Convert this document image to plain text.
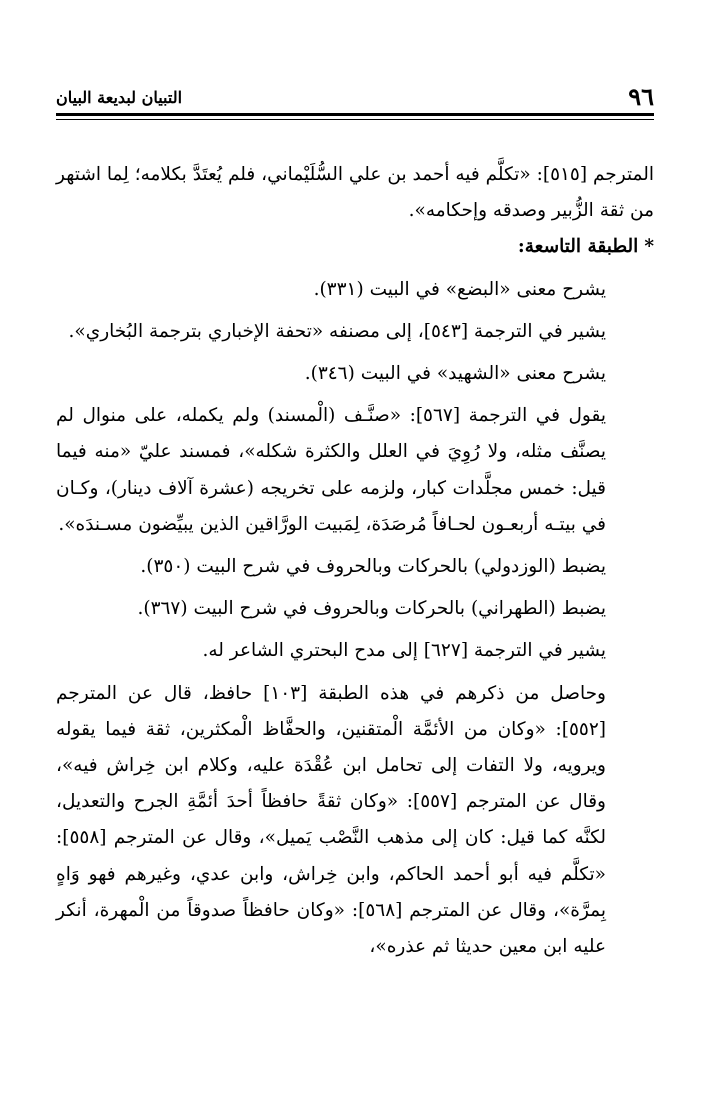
٩٦
التبيان لبديعة البيان

المترجم [٥١٥]: «تكلَّم فيه أحمد بن علي السُّلَيْماني، فلم يُعتَدَّ بكلامه؛ لِما اشتهر من ثقة الزُّبير وصدقه وإحكامه».

*الطبقة التاسعة:

يشرح معنى «البضع» في البيت (٣٣١).

يشير في الترجمة [٥٤٣]، إلى مصنفه «تحفة الإخباري بترجمة البُخاري».

يشرح معنى «الشهيد» في البيت (٣٤٦).

يقول في الترجمة [٥٦٧]: «صنَّـف (الْمسند) ولم يكمله، على منوال لم يصنَّف مثله، ولا رُوِيَ في العلل والكثرة شكله»، فمسند عليّ «منه فيما قيل: خمس مجلَّدات كبار، ولزمه على تخريجه (عشرة آلاف دينار)، وكـان في بيتـه أربعـون لحـافاً مُرصَدَة، لِمَبيت الورَّاقين الذين يبيِّضون مسـندَه».

يضبط (الوزدولي) بالحركات وبالحروف في شرح البيت (٣٥٠).

يضبط (الطهراني) بالحركات وبالحروف في شرح البيت (٣٦٧).

يشير في الترجمة [٦٢٧] إلى مدح البحتري الشاعر له.

وحاصل من ذكرهم في هذه الطبقة [١٠٣] حافظ، قال عن المترجم [٥٥٢]: «وكان من الأئمَّة الْمتقنين، والحفَّاظ الْمكثرين، ثقة فيما يقوله ويرويه، ولا التفات إلى تحامل ابن عُقْدَة عليه، وكلام ابن خِراش فيه»، وقال عن المترجم [٥٥٧]: «وكان ثقةً حافظاً أحدَ أئمَّةِ الجرح والتعديل، لكنَّه كما قيل: كان إلى مذهب النَّصْب يَميل»، وقال عن المترجم [٥٥٨]: «تكلَّم فيه أبو أحمد الحاكم، وابن خِراش، وابن عدي، وغيرهم فهو وَاهٍ بِمرَّة»، وقال عن المترجم [٥٦٨]: «وكان حافظاً صدوقاً من الْمهرة، أنكر عليه ابن معين حديثا ثم عذره»،
